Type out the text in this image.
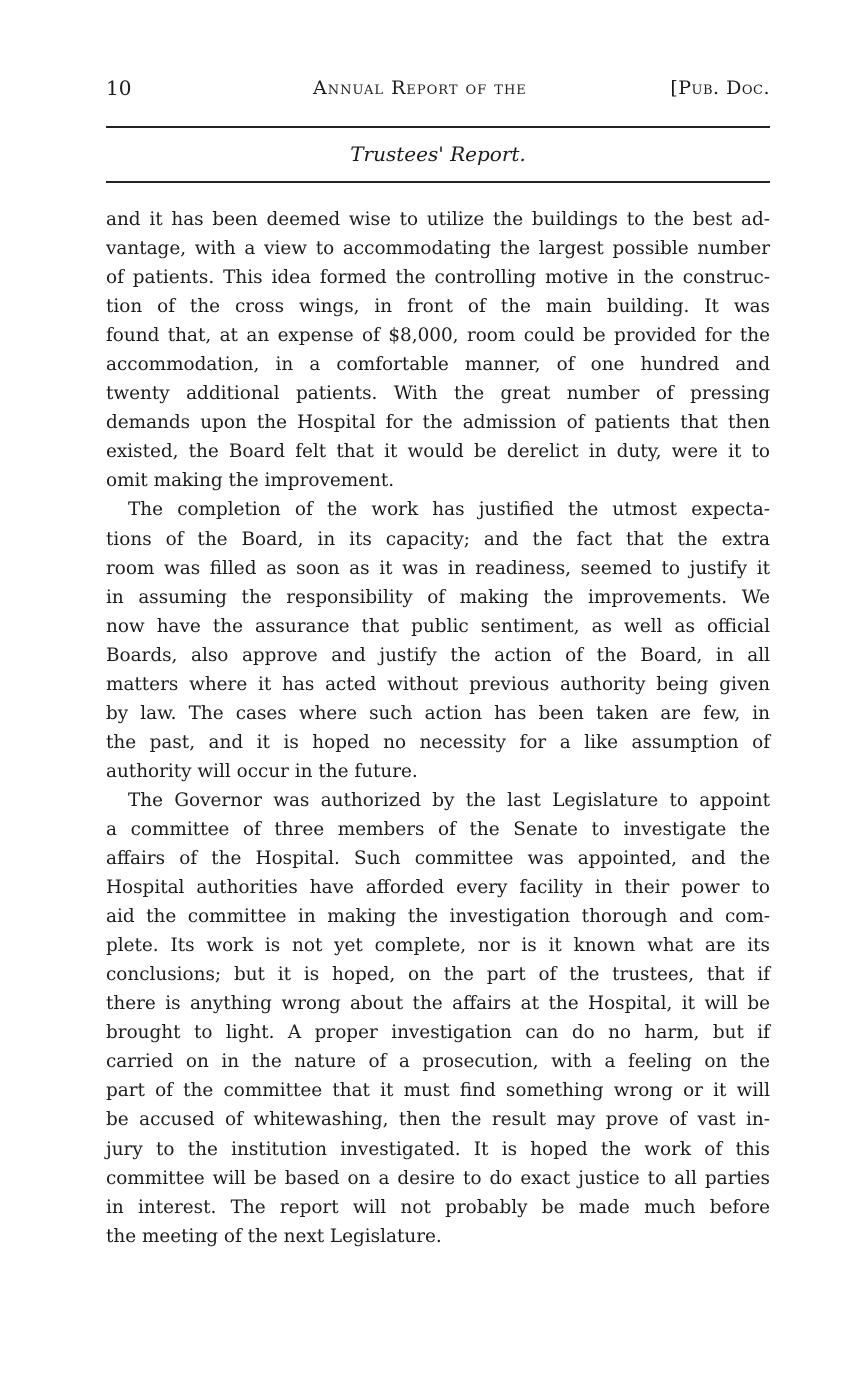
10	Annual Report of the	[Pub. Doc.
Trustees' Report.
and it has been deemed wise to utilize the buildings to the best ad-
vantage, with a view to accommodating the largest possible number
of patients. This idea formed the controlling motive in the construc-
tion of the cross wings, in front of the main building. It was
found that, at an expense of $8,000, room could be provided for the
accommodation, in a comfortable manner, of one hundred and
twenty additional patients. With the great number of pressing
demands upon the Hospital for the admission of patients that then
existed, the Board felt that it would be derelict in duty, were it to
omit making the improvement.
The completion of the work has justified the utmost expecta-
tions of the Board, in its capacity; and the fact that the extra
room was filled as soon as it was in readiness, seemed to justify it
in assuming the responsibility of making the improvements. We
now have the assurance that public sentiment, as well as official
Boards, also approve and justify the action of the Board, in all
matters where it has acted without previous authority being given
by law. The cases where such action has been taken are few, in
the past, and it is hoped no necessity for a like assumption of
authority will occur in the future.
The Governor was authorized by the last Legislature to appoint
a committee of three members of the Senate to investigate the
affairs of the Hospital. Such committee was appointed, and the
Hospital authorities have afforded every facility in their power to
aid the committee in making the investigation thorough and com-
plete. Its work is not yet complete, nor is it known what are its
conclusions; but it is hoped, on the part of the trustees, that if
there is anything wrong about the affairs at the Hospital, it will be
brought to light. A proper investigation can do no harm, but if
carried on in the nature of a prosecution, with a feeling on the
part of the committee that it must find something wrong or it will
be accused of whitewashing, then the result may prove of vast in-
jury to the institution investigated. It is hoped the work of this
committee will be based on a desire to do exact justice to all parties
in interest. The report will not probably be made much before
the meeting of the next Legislature.
